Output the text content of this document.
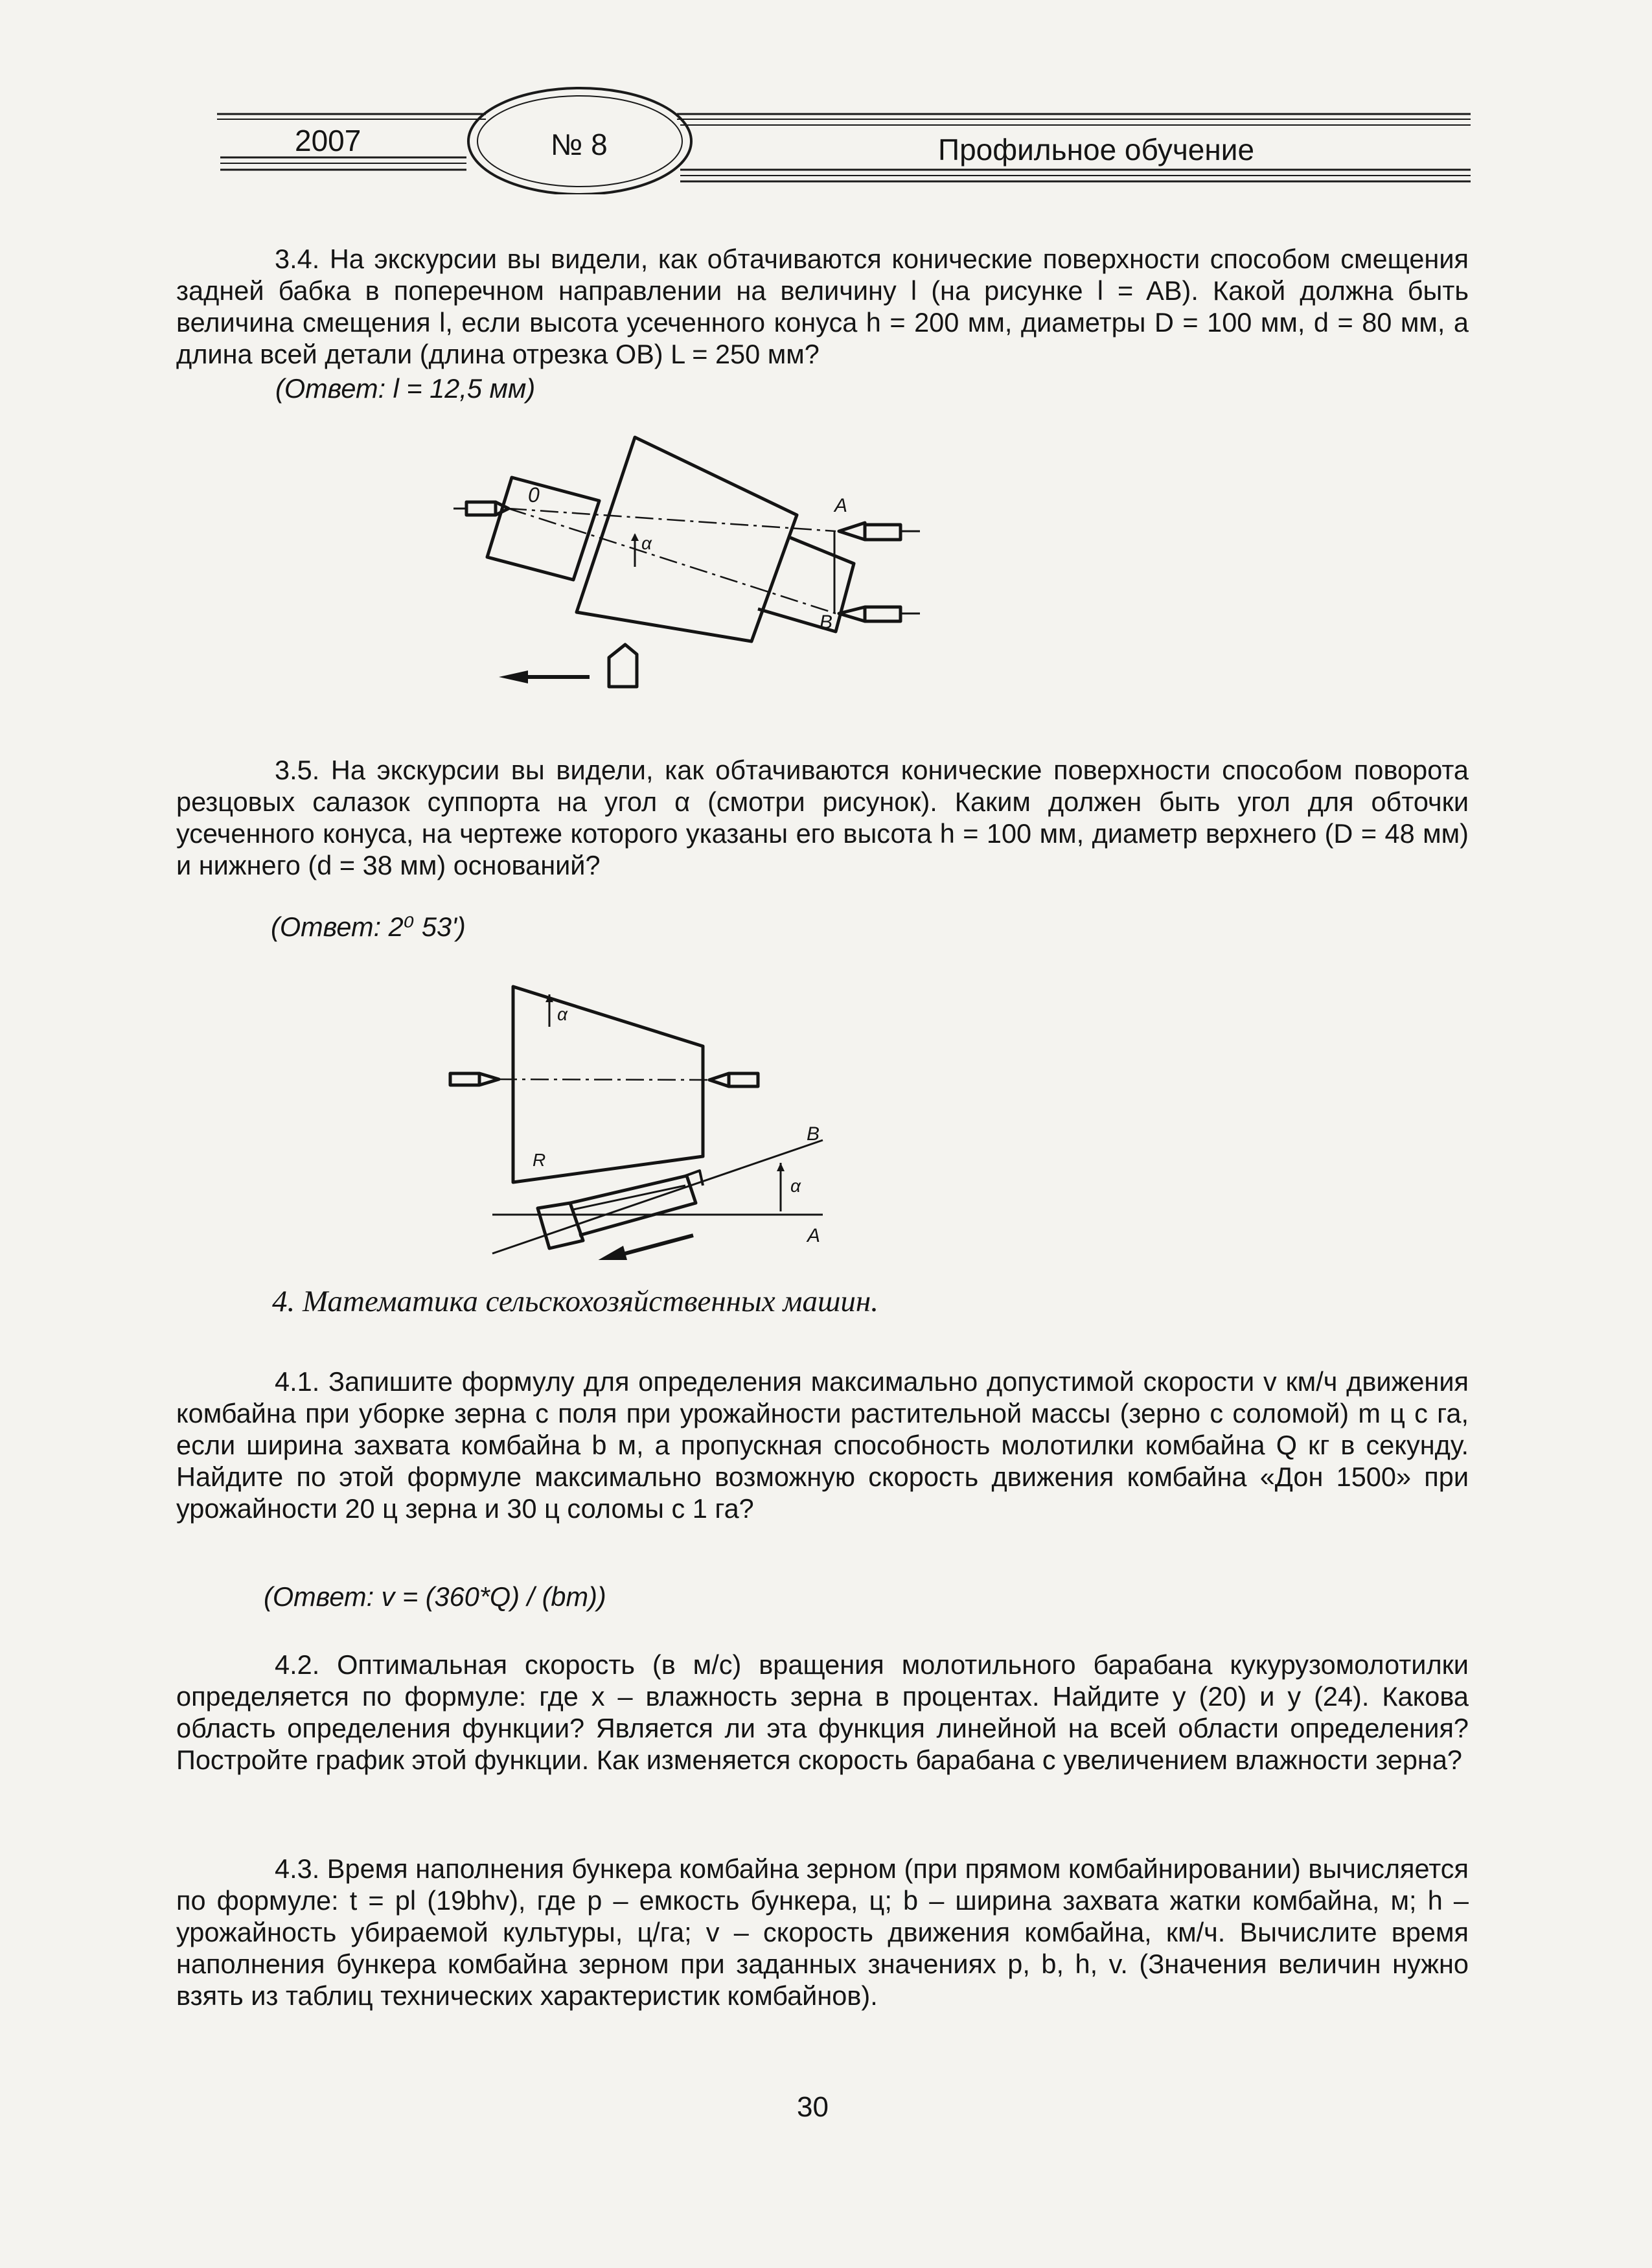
2007	№ 8	Профильное обучение

3.4. На экскурсии вы видели, как обтачиваются конические поверхности способом смещения задней бабка в поперечном направлении на величину l (на рисунке l = AB). Какой должна быть величина смещения l, если высота усеченного конуса h = 200 мм, диаметры D = 100 мм, d = 80 мм, а длина всей детали (длина отрезка OB) L = 250 мм?

(Ответ: l = 12,5 мм)
0	A
B
α

3.5. На экскурсии вы видели, как обтачиваются конические поверхности способом поворота резцовых салазок суппорта на угол α (смотри рисунок). Каким должен быть угол для обточки усеченного конуса, на чертеже которого указаны его высота h = 100 мм, диаметр верхнего (D = 48 мм) и нижнего (d = 38 мм) оснований?

(Ответ: 2⁰ 53ʹ)
α
R
B
A
α
4. Математика сельскохозяйственных машин.

4.1. Запишите формулу для определения максимально допустимой скорости v км/ч движения комбайна при уборке зерна с поля при урожайности растительной массы (зерно с соломой) m ц с га, если ширина захвата комбайна b м, а пропускная способность молотилки комбайна Q кг в секунду. Найдите по этой формуле максимально возможную скорость движения комбайна «Дон 1500» при урожайности 20 ц зерна и 30 ц соломы с 1 га?

(Ответ: v = (360*Q) / (bm))

4.2. Оптимальная скорость (в м/с) вращения молотильного барабана кукурузомолотилки определяется по формуле: где x – влажность зерна в процентах. Найдите y (20) и y (24). Какова область определения функции? Является ли эта функция линейной на всей области определения? Постройте график этой функции. Как изменяется скорость барабана с увеличением влажности зерна?

4.3. Время наполнения бункера комбайна зерном (при прямом комбайнировании) вычисляется по формуле: t = pl (19bhv), где p – емкость бункера, ц; b – ширина захвата жатки комбайна, м; h – урожайность убираемой культуры, ц/га; v – скорость движения комбайна, км/ч. Вычислите время наполнения бункера комбайна зерном при заданных значениях p, b, h, v. (Значения величин нужно взять из таблиц технических характеристик комбайнов).

30
